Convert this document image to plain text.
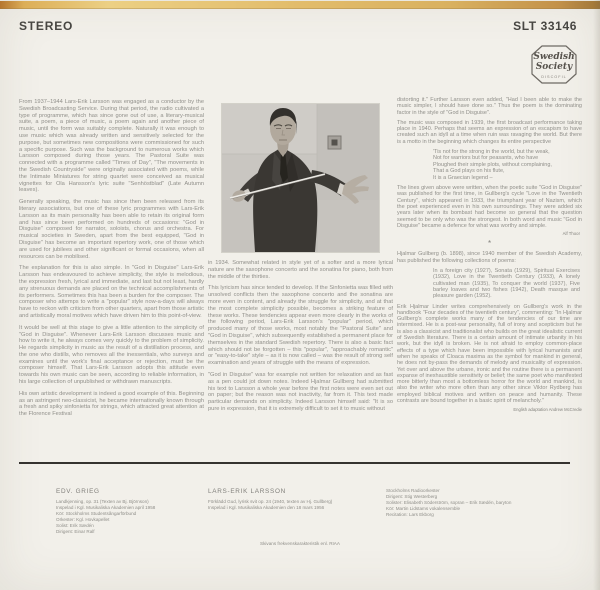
STEREO	SLT 33146
Swedish
Society
DISCOFIL

From 1937–1944 Lars-Erik Larsson was engaged as a conductor by the Swedish Broadcasting Service. During that period, the radio cultivated a type of programme, which has since gone out of use, a literary-musical suite, a poem, a piece of music, a poem again and another piece of music, until the form was suitably complete. Naturally it was enough to use music which was already written and sensitively selected for the purpose, but sometimes new compositions were commissioned for such a specific purpose. Such was the background to numerous works which Larsson composed during those years. The Pastoral Suite was connected with a programme called "Times of Day", "The movements in the Swedish Countryside" were originally associated with poems, while the Intimate Miniatures for string quartet were conceived as musical vignettes for Ola Hansson's lyric suite "Senhöstblad" (Late Autumn leaves).

Generally speaking, the music has since then been released from its literary associations, but one of these lyric programmes with Lars-Erik Larsson as its main personality has been able to retain its original form and has since been performed on hundreds of occasions: "God in Disguise" composed for narrator, soloists, chorus and orchestra. For musical societies in Sweden, apart from the best equipped, "God in Disguise" has become an important repertory work, one of those which are used for jubilees and other significant or formal occasions, when all resources can be mobilised.

The explanation for this is also simple. In "God in Disguise" Lars-Erik Larsson has endeavoured to achieve simplicity, the style is melodious, the expression fresh, lyrical and immediate, and last but not least, hardly any strenuous demands are placed on the technical accomplishments of its performers. Sometimes this has been a burden for the composer. The composer who attemps to write a "popular" style now-a-days will always have to reckon with criticism from other quarters, apart from those artistic and artistically moral motives which have driven him to this point-of-view.

It would be well at this stage to give a little attention to the simplicity of "God in Disguise". Whenever Lars-Erik Larsson discusses music and how to write it, he always comes very quickly to the problem of simplicity. He regards simplicity in music as the result of a distillation process, and the one who distills, who removes all the inessentials, who surveys and examines until the work's final acceptance or rejection, must be the composer himself. That Lars-Erik Larsson adopts this attitude even towards his own music can be seen, according to reliable information, in his large collection of unpublished or withdrawn manuscripts.

His own artistic development is indeed a good example of this. Beginning as an astringent neo-classicist, he became internationally known through a fresh and spiky sinfonietta for strings, which attracted great attention at the Florence Festival

in 1934. Somewhat related in style yet of a softer and a more lyrical nature are the saxophone concerto and the sonatina for piano, both from the middle of the thirties.

This lyricism has since tended to develop. If the Sinfonietta was filled with unsolved conflicts then the saxophone concerto and the sonatina are more even in content, and already the struggle for simplicity, and at that the most complete simplicity possible, becomes a striking feature of these works. These tendencies appear even more clearly in the works of the following period, Lars-Erik Larsson's "popular" period, which produced many of those works, most notably the "Pastoral Suite" and "God in Disguise", which subsequently established a permanent place for themselves in the standard Swedish repertory. There is also a basic fact which should not be forgotten – this "popular", "approachably romantic" or "easy-to-take" style – as it is now called – was the result of strong self examination and years of struggle with the means of expression.

"God in Disguise" was for example not written for relaxation and as fast as a pen could jot down notes. Indeed Hjalmar Gullberg had submitted his text to Larsson a whole year before the first notes were even set out on paper; but the reason was not inactivity, far from it. This text made particular demands on simplicity. Indeed Larsson himself said: "It is so pure in expression, that it is extremely difficult to set it to music without

distorting it." Further Larsson even added, "Had I been able to make the music simpler, I should have done so." Thus the poem is the dominating factor in the style of "God in Disguise".

The music was composed in 1939, the first broadcast performance taking place in 1940. Perhaps that seems an expression of an escapism to have created such an idyll at a time when ruin was ravaging the world. But there is a motto in the beginning which changes its entire perspective

'Tis not for the strong in the world, but the weak,
Not for warriors but for peasants, who have
Ploughed their simple plots, without complaining,
That a God plays on his flute,
It is a Graecian legend –

The lines given above were written, when the poetic suite "God in Disguise" was published for the first time, in Gullberg's cycle "Love in the Twentieth Century", which appeared in 1933, the triumphant year of Nazism, which the poet experienced even in his own surroundings. They were added six years later when its bombast had become so general that the question seemed to be only who was the strongest. In both word and music "God in Disguise" became a defence for what was worthy and simple.

Alf Thoor
*

Hjalmar Gullberg (b. 1898), since 1940 member of the Swedish Academy, has published the following collections of poems:

In a foreign city (1927), Sonata (1929), Spiritual Exercises (1932), Love in the Twentieth Century (1933), A lonely cultivated man (1935), To conquer the world (1937), Five barley loaves and two fishes (1942), Death masque and pleasure garden (1952).

Erik Hjalmar Linder writes comprehensively on Gullberg's work in the handbook "Four decades of the twentieth century", commenting: "In Hjalmar Gullberg's complete works many of the tendencies of our time are intermixed. He is a post-war personality, full of irony and scepticism but he is also a classicist and traditionalist who builds on the great idealistic current of Swedish literature. There is a certain amount of intimate urbanity in his work, but the idyll is broken. He is not afraid to employ common-place effects of a type which have been impossible with lyrical humanists and when he speaks of Cloaca maxima as the symbol for mankind in general, he does not by-pass the demands of melody and musicality of expression. Yet over and above the urbane, ironic and the routine there is a permanent expanse of inexhaustible sensitivity or belief; the same poet who manifested more bitterly than most a bottomless horror for the world and mankind, is also the writer who more often than any other since Viktor Rydberg has employed biblical motives and written on peace and humanity. These contrasts are bound together in a basic spirit of melancholy."

English adaptation Andrew McCredie
EDV. GRIEG
Landkjenning, op. 31 (Texten av Bj. Björnson)
Inspelad i Kgl. Musikaliska Akademien april 1958
Kör: Stockholms Studentsångarförbund
Orkester: Kgl. Hovkapellet
Solist: Erik Sædén
Dirigent: Einar Ralf
LARS-ERIK LARSSON
Förklädd Gud, lyrisk svit op. 24 (1940, texten av Hj. Gullberg)
Inspelad i Kgl. Musikaliska Akademien den 18 mars 1956
Stockholms Radioorkester
Dirigent: Stig Westerberg
Solister: Elisabeth Söderström, sopran – Erik Sædén, baryton
Kör: Martin Lidstams vokalensemble
Recitation: Lars Ekborg
Skivans frekvenskarakteristik enl. RIAA
